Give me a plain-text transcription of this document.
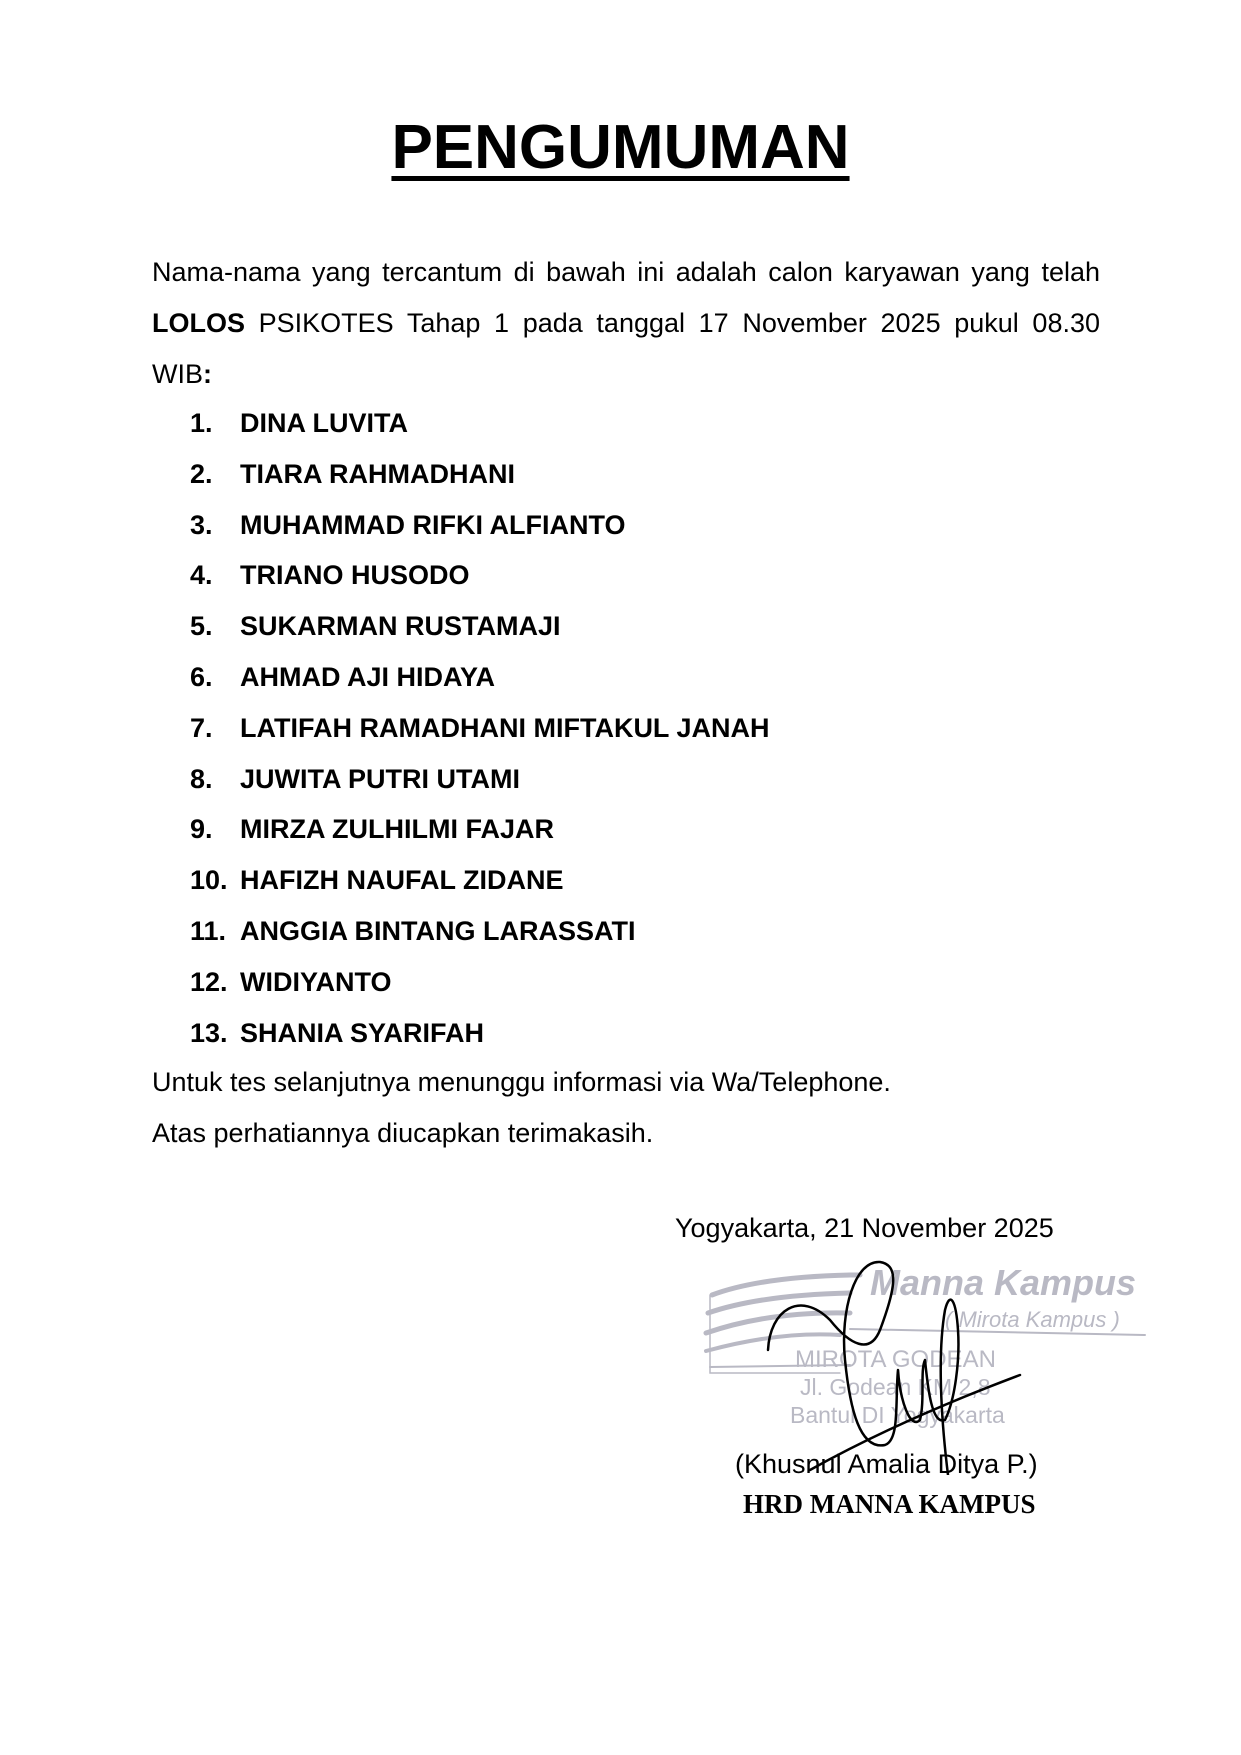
PENGUMUMAN
Nama-nama yang tercantum di bawah ini adalah calon karyawan yang telah LOLOS PSIKOTES Tahap 1 pada tanggal 17 November 2025 pukul 08.30 WIB:
1. DINA LUVITA
2. TIARA RAHMADHANI
3. MUHAMMAD RIFKI ALFIANTO
4. TRIANO HUSODO
5. SUKARMAN RUSTAMAJI
6. AHMAD AJI HIDAYA
7. LATIFAH RAMADHANI MIFTAKUL JANAH
8. JUWITA PUTRI UTAMI
9. MIRZA ZULHILMI FAJAR
10. HAFIZH NAUFAL ZIDANE
11. ANGGIA BINTANG LARASSATI
12. WIDIYANTO
13. SHANIA SYARIFAH
Untuk tes selanjutnya menunggu informasi via Wa/Telephone.
Atas perhatiannya diucapkan terimakasih.
Yogyakarta, 21 November 2025
Manna Kampus
( Mirota Kampus )
MIROTA GODEAN
Jl. Godean KM 2,8
Bantul DI Yogyakarta
(Khusnul Amalia Ditya P.)
HRD MANNA KAMPUS
